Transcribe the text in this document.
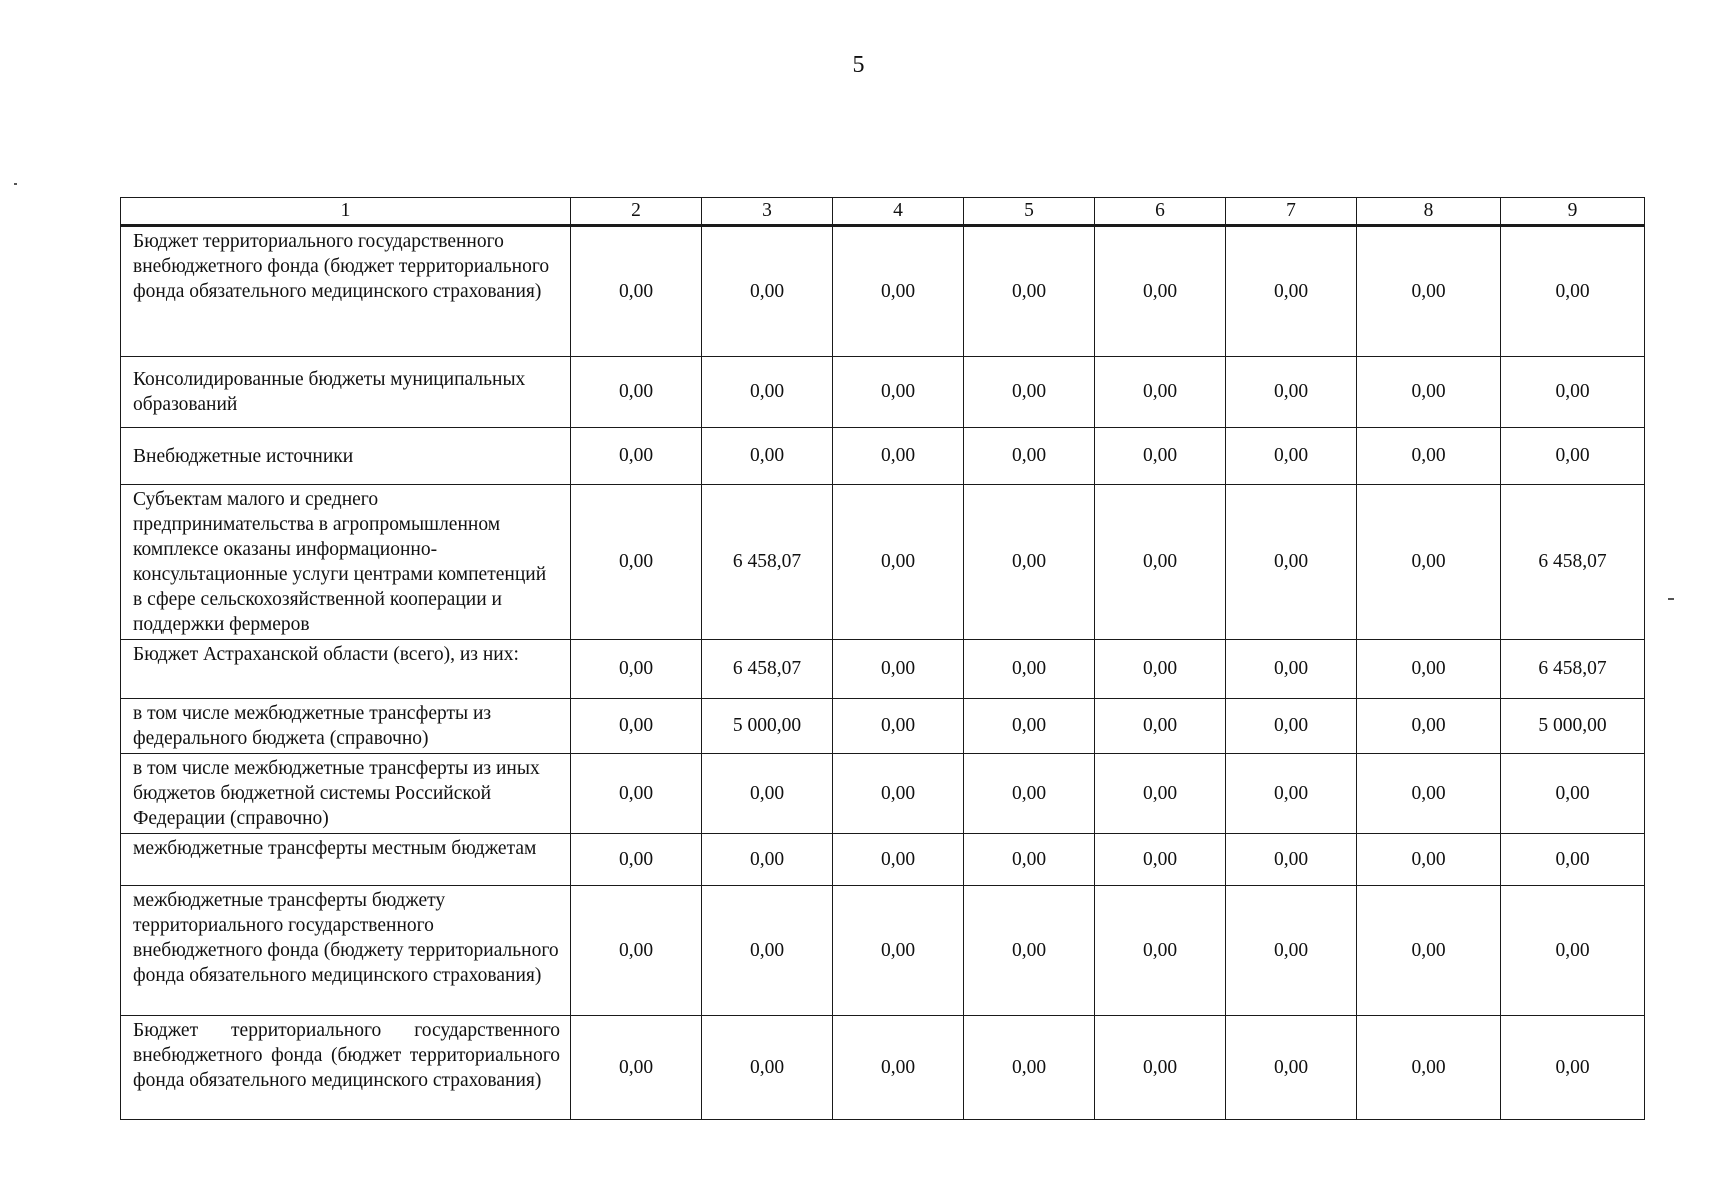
5
1	2	3	4	5	6	7	8	9
Бюджет территориального государственного внебюджетного фонда (бюджет территориального фонда обязательного медицинского страхования)	0,00	0,00	0,00	0,00	0,00	0,00	0,00	0,00
Консолидированные бюджеты муниципальных образований	0,00	0,00	0,00	0,00	0,00	0,00	0,00	0,00
Внебюджетные источники	0,00	0,00	0,00	0,00	0,00	0,00	0,00	0,00
Субъектам малого и среднего предпринимательства в агропромышленном комплексе оказаны информационно-консультационные услуги центрами компетенций в сфере сельскохозяйственной кооперации и поддержки фермеров	0,00	6 458,07	0,00	0,00	0,00	0,00	0,00	6 458,07
Бюджет Астраханской области (всего), из них:	0,00	6 458,07	0,00	0,00	0,00	0,00	0,00	6 458,07
в том числе межбюджетные трансферты из федерального бюджета (справочно)	0,00	5 000,00	0,00	0,00	0,00	0,00	0,00	5 000,00
в том числе межбюджетные трансферты из иных бюджетов бюджетной системы Российской Федерации (справочно)	0,00	0,00	0,00	0,00	0,00	0,00	0,00	0,00
межбюджетные трансферты местным бюджетам	0,00	0,00	0,00	0,00	0,00	0,00	0,00	0,00
межбюджетные трансферты бюджету территориального государственного внебюджетного фонда (бюджету территориального фонда обязательного медицинского страхования)	0,00	0,00	0,00	0,00	0,00	0,00	0,00	0,00
Бюджет территориального государственного внебюджетного фонда (бюджет территориального фонда обязательного медицинского страхования)	0,00	0,00	0,00	0,00	0,00	0,00	0,00	0,00
